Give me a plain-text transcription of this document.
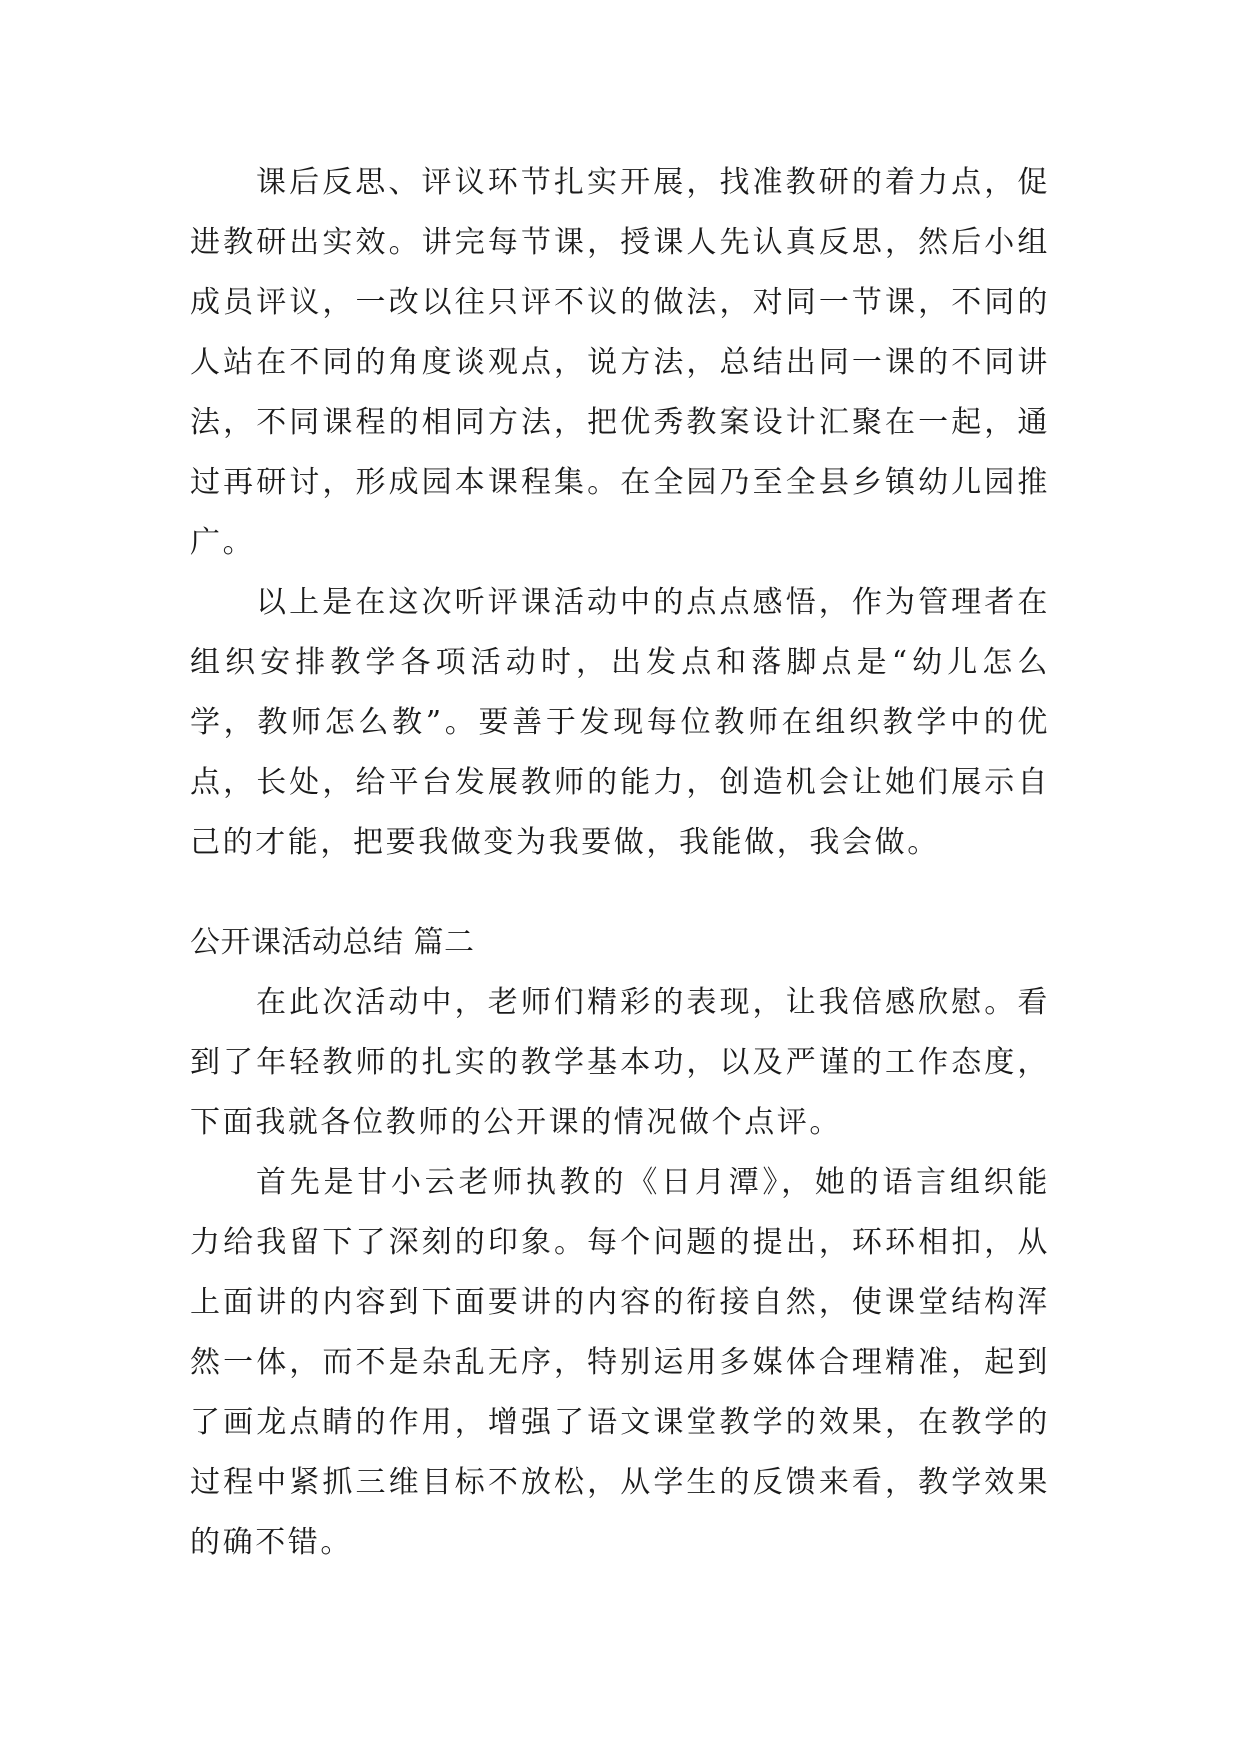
课后反思、评议环节扎实开展，找准教研的着力点，促进教研出实效。讲完每节课，授课人先认真反思，然后小组成员评议，一改以往只评不议的做法，对同一节课，不同的人站在不同的角度谈观点，说方法，总结出同一课的不同讲法，不同课程的相同方法，把优秀教案设计汇聚在一起，通过再研讨，形成园本课程集。在全园乃至全县乡镇幼儿园推广。

以上是在这次听评课活动中的点点感悟，作为管理者在组织安排教学各项活动时，出发点和落脚点是“幼儿怎么学，教师怎么教”。要善于发现每位教师在组织教学中的优点，长处，给平台发展教师的能力，创造机会让她们展示自己的才能，把要我做变为我要做，我能做，我会做。

公开课活动总结 篇二

在此次活动中，老师们精彩的表现，让我倍感欣慰。看到了年轻教师的扎实的教学基本功，以及严谨的工作态度，下面我就各位教师的公开课的情况做个点评。

首先是甘小云老师执教的《日月潭》，她的语言组织能力给我留下了深刻的印象。每个问题的提出，环环相扣，从上面讲的内容到下面要讲的内容的衔接自然，使课堂结构浑然一体，而不是杂乱无序，特别运用多媒体合理精准，起到了画龙点睛的作用，增强了语文课堂教学的效果，在教学的过程中紧抓三维目标不放松，从学生的反馈来看，教学效果的确不错。
